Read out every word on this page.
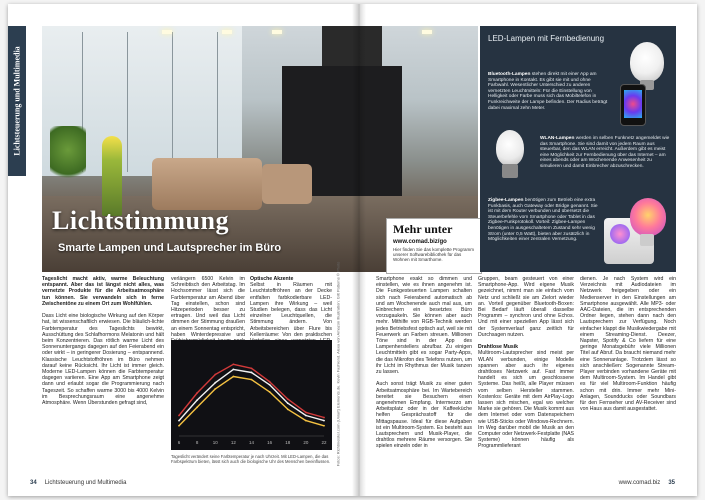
Lichtsteuerung und Multimedia
Lichtstimmung
Smarte Lampen und Lautsprecher im Büro
Mehr unter
www.comad.biz/go
Hier finden Sie das komplette Programm unserer Softwarebibliothek für das Wohnen mit Smarthome.
Tageslicht macht aktiv, warme Beleuchtung entspannt. Aber das ist längst nicht alles, was vernetzte Produkte für die Arbeitsatmosphäre tun können. Sie verwandeln sich in ferne Zwischentöne zu einem Ort zum Wohlfühlen.

Dass Licht eine biologische Wirkung auf den Körper hat, ist wissenschaftlich erwiesen. Die bläulich-lichte Farbtemperatur des Tageslichts bewirkt, Ausschüttung des Schlafhormons Melatonin und hält beim Konzentrieren. Das rötlich warme Licht des Sonnenuntergangs dagegen auf den Feierabend ein oder wirkt – in geringerer Dosierung – entspannend. Klassische Leuchtstoffröhren im Büro nehmen darauf keine Rücksicht. Ihr Licht ist immer gleich. Moderne LED-Lampen können die Farbtemperatur dagegen variieren. Eine App am Smartphone zeigt dann und erlaubt sogar die Programmierung nach Tageszeit. So schaffen warme 3000 bis 4000 Kelvin im Besprechungsraum eine angenehme Atmosphäre. Wenn Überstunden gefragt sind,
verlängern 6500 Kelvin im Schreibtisch den Arbeitstag. Im Hochsommer lässt sich die Farbtemperatur am Abend über Tag einstellen, schon sind Hitzeperioden besser zu ertragen. Und weil das Licht dimmen der Stimmung draußen an einem Sonnentag entspricht, haben Winterdepressive und
Optische Akzente
Selbst in Räumen mit Leuchtstoffröhren an der Decke entfalten farbkodierbare LED-Lampen ihre Wirkung – weil Studien belegen, dass das Licht einzelner Leuchtquellen, die Stimmung ändern. Von Arbeitsbereichen über Flure bis Kellerräume: Von den praktischen
6	8	10	12	14	16	18	20	22
Tageslicht verändert seine Farbtemperatur je nach Uhrzeit. Mit LED-Lampen, die das Farbspektrum bieten, lässt sich auch die biologische Uhr des Menschen beeinflussen.	Fotos: Richtmeister.com (Uniart) Elements.de. Kevin Fashlend. Alexa von Amazon Illustration: Gilt Patterns © Photo	Smartphone exakt so dimmen und einstellen, wie es ihnen angenehm ist. Die Funkgesteuerten Lampen schalten sich nach Feierabend automatisch ab und am Wochenende auch mal aus, um Einbrechern ein besetztes Büro vorzugaukeln. Sie können aber auch mehr. Mithilfe von RGB-Technik werden jedes Betriebsfest optisch auf, weil sie mit Feuerwerk an Farben streuen. Millionen Töne sind in der App des Lampenherstellers abrufbar. Zu einigen Leuchtmitteln gibt es sogar Party-Apps, die das Mikrofon des Telefons nutzen, um ihr Licht im Rhythmus der Musik tanzen zu lassen.

Auch sonst trägt Musik zu einer guten Arbeitsatmosphäre bei. Im Wartebereich bereitet sie Besuchern einen angenehmen Empfang. Intermezzo am Arbeitsplatz oder in der Kaffeeküche helfen Gesprächsstoff für die Mittagspause. Ideal für diese Aufgaben ist ein Multiroom-System. Es besteht aus Lautsprechern und Musik-Player, die drahtlos mehrere Räume versorgen. Sie spielen einzeln oder in
Gruppen, beam gesteuert von einer Smartphone-App. Wird eigene Musik gezeichnet, nimmt man sie einfach vom Netz und schließt sie am Zielort wieder an. Vorteil gegenüber Bluetooth-Boxen: Bei Bedarf läuft überall dasselbe Programm – synchron und ohne Echos. Und mit einer speziellen App lässt sich der Systemverlauf ganz zeitlich für Durchsagen nutzen.

Drahtlose Musik
Multiroom-Lautsprecher sind meist per WLAN verbunden, einige Modelle spannen aber auch ihr eigenes drahtloses Netzwerk auf. Fast immer handelt es sich um geschlossene Systeme. Das heißt, alle Player müssen vom selben Hersteller stammen. Kostenlos: Geräte mit dem AirPlay-Logo lassen sich mischen, egal wo welcher Marke sie gehören. Die Musik kommt aus dem Internet oder vom Datenspeichern wie USB-Sticks oder Windows-Rechnern. Im Weg darüber mobil die Musik an den Computer oder Netzwerk-Festplatte (NAS Systeme) können häufig als Programmlieferant
dienen. Je nach System wird ein Verzeichnis mit Audiodateien im Netzwerk freigegeben oder ein Medienserver in den Einstellungen am Smartphone ausgewählt. Alle MP3- oder AAC-Dateien, die im entsprechenden Ordner liegen, stehen dann nach den Lautsprechern zur Verfügung. Noch einfacher klappt die Musikwiedergabe mit einem Streaming-Dienst. Deezer, Napster, Spotify & Co liefern für eine geringe Monatsgebühr viele Millionen Titel auf Abruf. Da braucht niemand mehr eine Sonnenanlage. Trotzdem lässt so sich anschließen: Sogenannte Stream-Player verbinden vorhandene Geräte mit dem Multiroom-System. Im Handel gibt es für viel Multiroom-Funktion häufig schon mit drin. Immer mehr Mini-Anlagen, Soundducks oder Soundbars für den Fernseher und AV-Receiver sind von Haus aus damit ausgestattet.
LED-Lampen mit Fernbedienung
Bluetooth-Lampen stehen direkt mit einer App am Smartphone in Kontakt. Es gibt sie mit und ohne Farbwahl. Wesentlicher Unterschied zu anderen vernetzten Leuchtmitteln: Für die Einstellung von Helligkeit oder Farbe muss sich das Mobiltelefon in Funkreichweite der Lampe befinden. Der Radius beträgt dabei maximal zehn Meter.
WLAN-Lampen werden im selben Funknetz angemeldet wie das Smartphone. Sie sind damit von jedem Raum aus steuerbar, den das WLAN erreicht. Außerdem gibt es meist eine Möglichkeit zur Fernbedienung über das Internet – am eines abends oder am Wochenende Anwesenheit zu simulieren und damit Einbrecher abzuschrecken.
Zigbee-Lampen benötigen zum Betrieb eine extra Funkbasis, auch Gateway oder Bridge genannt. Sie ist mit dem Router verbunden und übersetzt die Steuerbefehle vom Smartphone oder Tablet in das Zigbee-Funkprotokoll. Vorteil: Zigbee-Lampen benötigen in ausgeschaltetem Zustand sehr wenig Strom (unter 0,5 Watt), bieten aber zusätzlich in Möglichkeiten einer zentralen Vernetzung.
34 Lichtsteuerung und Multimedia	www.comad.biz 35
